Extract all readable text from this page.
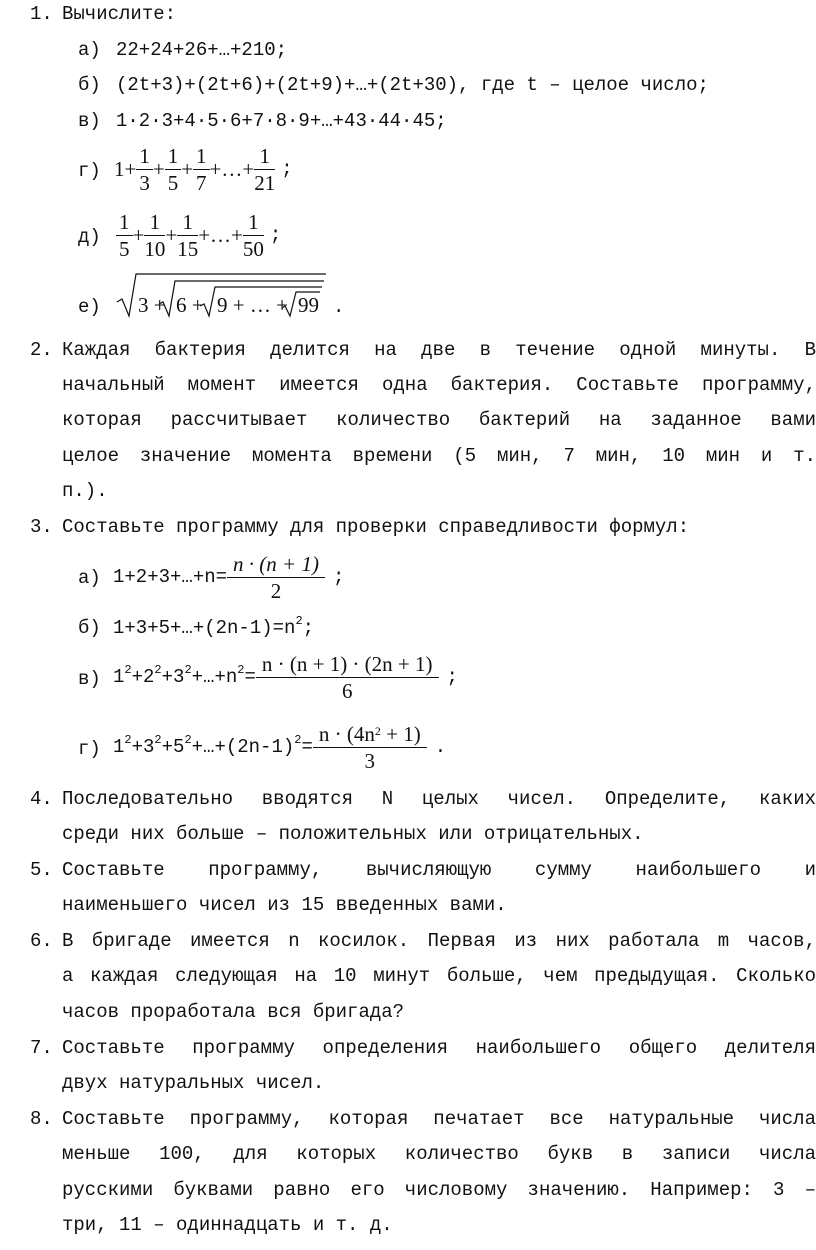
1. Вычислите:
а) 22+24+26+…+210;
б) (2t+3)+(2t+6)+(2t+9)+…+(2t+30), где t – целое число;
в) 1·2·3+4·5·6+7·8·9+…+43·44·45;
г) $1+ \frac{1}{3} + \frac{1}{5} + \frac{1}{7}$ +…+ $\frac{1}{21}$ ;
$д) \frac{1}{5} + \frac{1}{10} + \frac{1}{15}$ +…+ $\frac{1}{50}$ ;
е) 3 + 6 + 9 + … + 99 .
2. Каждая бактерия делится на две в течение одной минуты. В
начальный момент имеется одна бактерия. Составьте программу,
которая рассчитывает количество бактерий на заданное вами
целое значение момента времени (5 мин, 7 мин, 10 мин и т.
п.).
3. Составьте программу для проверки справедливости формул:
а) 1+2+3+…+n= $\frac{n \cdot (n + 1)}{2}$ ;
б) $1+3+5+\dots+(2n-1)=n^2$;
в) $1^2+2^2+3^2+\dots+n^2= \frac{n \cdot (n + 1) \cdot (2n + 1)}{6}$ ;
г) $1^2+3^2+5^2+\dots+(2n-1)^2= \frac{n \cdot (4n^2 + 1)}{3}$ .
4. Последовательно вводятся N целых чисел. Определите, каких
среди них больше – положительных или отрицательных.
5. Составьте программу, вычисляющую сумму наибольшего и
наименьшего чисел из 15 введенных вами.
6. В бригаде имеется n косилок. Первая из них работала m часов,
а каждая следующая на 10 минут больше, чем предыдущая. Сколько
часов проработала вся бригада?
7. Составьте программу определения наибольшего общего делителя
двух натуральных чисел.
8. Составьте программу, которая печатает все натуральные числа
меньше 100, для которых количество букв в записи числа
русскими буквами равно его числовому значению. Например: 3 –
три, 11 – одиннадцать и т. д.
